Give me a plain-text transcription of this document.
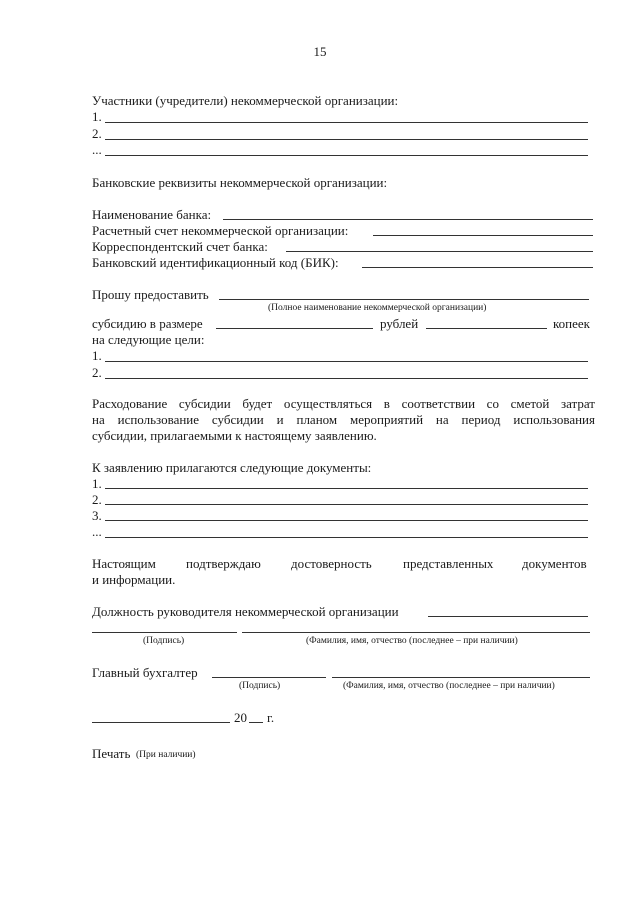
15
Участники (учредители) некоммерческой организации:
1.
2.
...
Банковские реквизиты некоммерческой организации:
Наименование банка:
Расчетный счет некоммерческой организации:
Корреспондентский счет банка:
Банковский идентификационный код (БИК):
Прошу предоставить
(Полное наименование некоммерческой организации)
субсидию в размере	рублей	копеек
на следующие цели:
1.
2.
Расходование субсидии будет осуществляться в соответствии со сметой затрат
на использование субсидии и планом мероприятий на период использования
субсидии, прилагаемыми к настоящему заявлению.
К заявлению прилагаются следующие документы:
1.
2.
3.
...
Настоящим подтверждаю достоверность представленных документов
и информации.
Должность руководителя некоммерческой организации
(Подпись)	(Фамилия, имя, отчество (последнее – при наличии)
Главный бухгалтер
(Подпись)	(Фамилия, имя, отчество (последнее – при наличии)
20 г.
Печать (При наличии)
